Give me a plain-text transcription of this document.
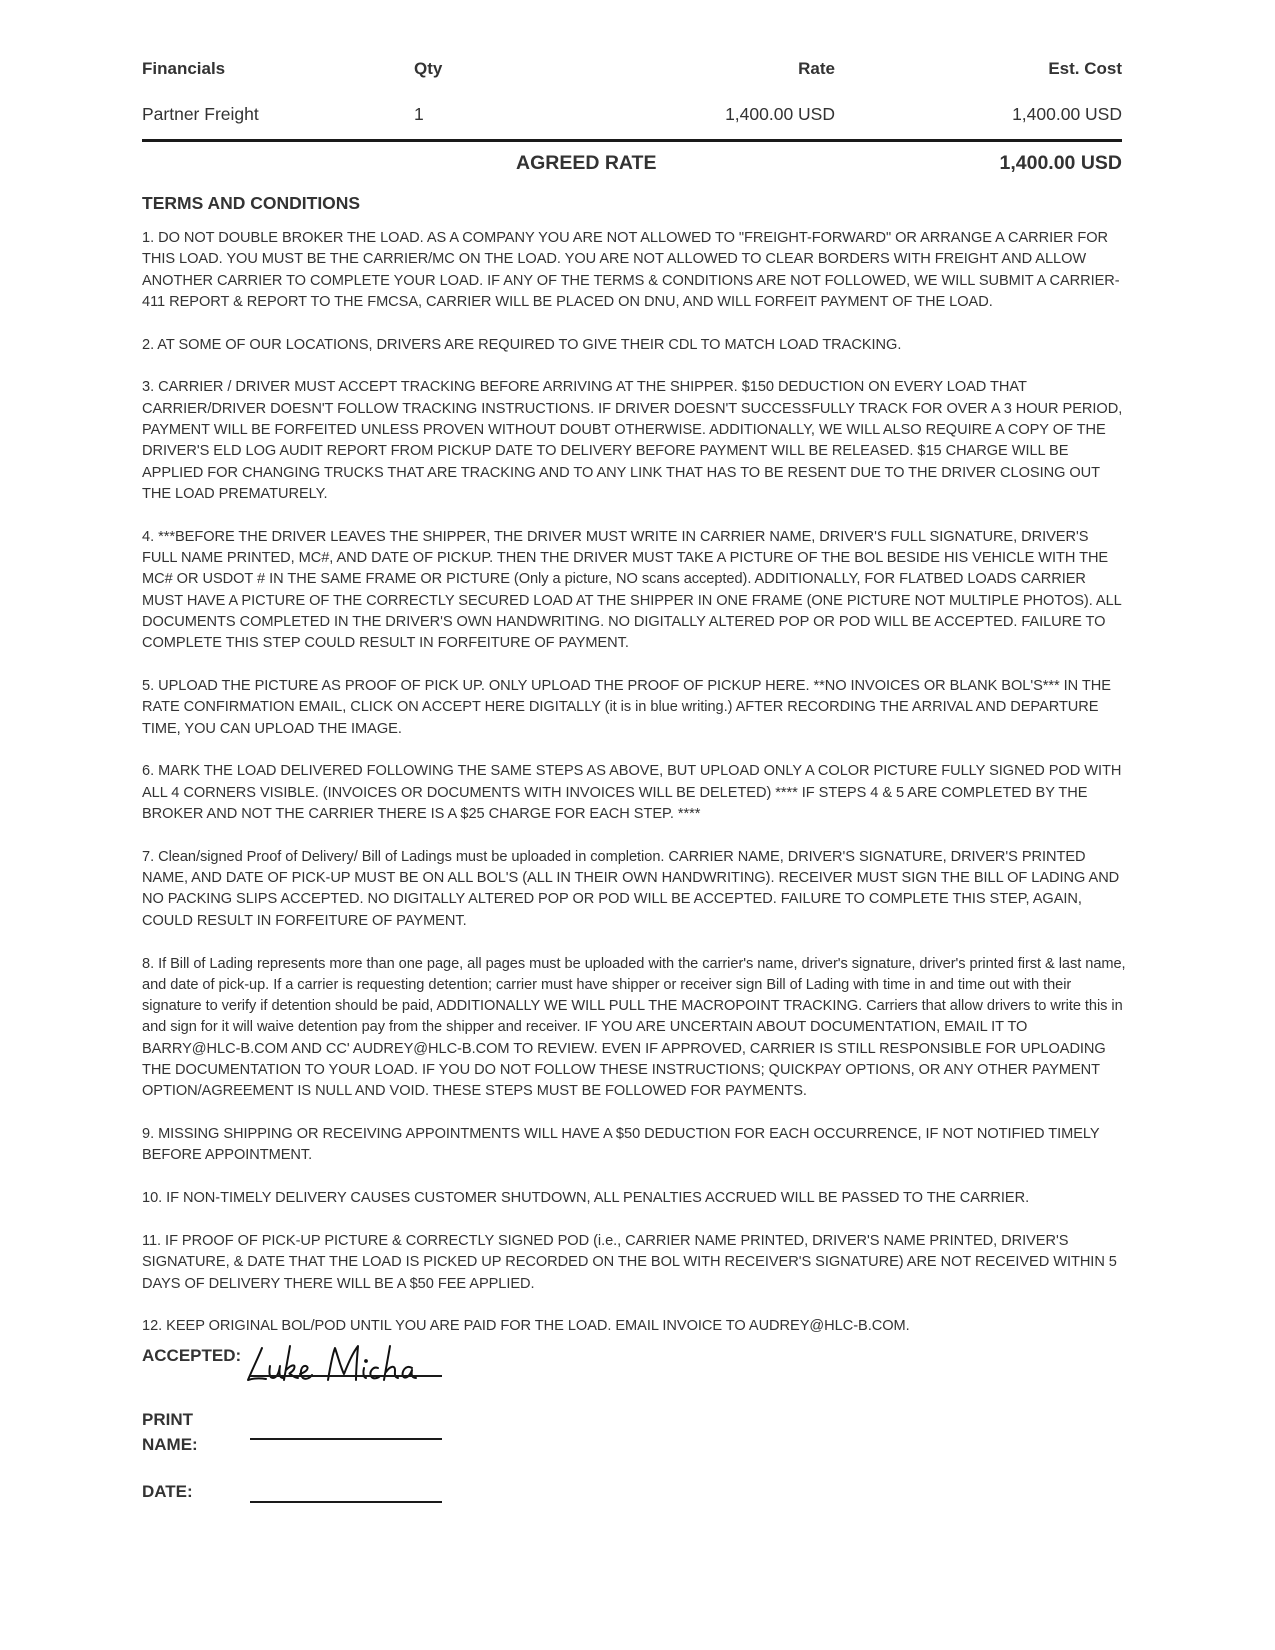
Financials	Qty	Rate	Est. Cost
Partner Freight	1	1,400.00 USD	1,400.00 USD
AGREED RATE	1,400.00 USD
TERMS AND CONDITIONS

1. DO NOT DOUBLE BROKER THE LOAD. AS A COMPANY YOU ARE NOT ALLOWED TO "FREIGHT-FORWARD" OR ARRANGE A CARRIER FOR THIS LOAD. YOU MUST BE THE CARRIER/MC ON THE LOAD. YOU ARE NOT ALLOWED TO CLEAR BORDERS WITH FREIGHT AND ALLOW ANOTHER CARRIER TO COMPLETE YOUR LOAD. IF ANY OF THE TERMS & CONDITIONS ARE NOT FOLLOWED, WE WILL SUBMIT A CARRIER-411 REPORT & REPORT TO THE FMCSA, CARRIER WILL BE PLACED ON DNU, AND WILL FORFEIT PAYMENT OF THE LOAD.

2. AT SOME OF OUR LOCATIONS, DRIVERS ARE REQUIRED TO GIVE THEIR CDL TO MATCH LOAD TRACKING.

3. CARRIER / DRIVER MUST ACCEPT TRACKING BEFORE ARRIVING AT THE SHIPPER. $150 DEDUCTION ON EVERY LOAD THAT CARRIER/DRIVER DOESN'T FOLLOW TRACKING INSTRUCTIONS. IF DRIVER DOESN'T SUCCESSFULLY TRACK FOR OVER A 3 HOUR PERIOD, PAYMENT WILL BE FORFEITED UNLESS PROVEN WITHOUT DOUBT OTHERWISE. ADDITIONALLY, WE WILL ALSO REQUIRE A COPY OF THE DRIVER'S ELD LOG AUDIT REPORT FROM PICKUP DATE TO DELIVERY BEFORE PAYMENT WILL BE RELEASED. $15 CHARGE WILL BE APPLIED FOR CHANGING TRUCKS THAT ARE TRACKING AND TO ANY LINK THAT HAS TO BE RESENT DUE TO THE DRIVER CLOSING OUT THE LOAD PREMATURELY.

4. ***BEFORE THE DRIVER LEAVES THE SHIPPER, THE DRIVER MUST WRITE IN CARRIER NAME, DRIVER'S FULL SIGNATURE, DRIVER'S FULL NAME PRINTED, MC#, AND DATE OF PICKUP. THEN THE DRIVER MUST TAKE A PICTURE OF THE BOL BESIDE HIS VEHICLE WITH THE MC# OR USDOT # IN THE SAME FRAME OR PICTURE (Only a picture, NO scans accepted). ADDITIONALLY, FOR FLATBED LOADS CARRIER MUST HAVE A PICTURE OF THE CORRECTLY SECURED LOAD AT THE SHIPPER IN ONE FRAME (ONE PICTURE NOT MULTIPLE PHOTOS). ALL DOCUMENTS COMPLETED IN THE DRIVER'S OWN HANDWRITING. NO DIGITALLY ALTERED POP OR POD WILL BE ACCEPTED. FAILURE TO COMPLETE THIS STEP COULD RESULT IN FORFEITURE OF PAYMENT.

5. UPLOAD THE PICTURE AS PROOF OF PICK UP. ONLY UPLOAD THE PROOF OF PICKUP HERE. **NO INVOICES OR BLANK BOL'S*** IN THE RATE CONFIRMATION EMAIL, CLICK ON ACCEPT HERE DIGITALLY (it is in blue writing.) AFTER RECORDING THE ARRIVAL AND DEPARTURE TIME, YOU CAN UPLOAD THE IMAGE.

6. MARK THE LOAD DELIVERED FOLLOWING THE SAME STEPS AS ABOVE, BUT UPLOAD ONLY A COLOR PICTURE FULLY SIGNED POD WITH ALL 4 CORNERS VISIBLE. (INVOICES OR DOCUMENTS WITH INVOICES WILL BE DELETED) **** IF STEPS 4 & 5 ARE COMPLETED BY THE BROKER AND NOT THE CARRIER THERE IS A $25 CHARGE FOR EACH STEP. ****

7. Clean/signed Proof of Delivery/ Bill of Ladings must be uploaded in completion. CARRIER NAME, DRIVER'S SIGNATURE, DRIVER'S PRINTED NAME, AND DATE OF PICK-UP MUST BE ON ALL BOL'S (ALL IN THEIR OWN HANDWRITING). RECEIVER MUST SIGN THE BILL OF LADING AND NO PACKING SLIPS ACCEPTED. NO DIGITALLY ALTERED POP OR POD WILL BE ACCEPTED. FAILURE TO COMPLETE THIS STEP, AGAIN, COULD RESULT IN FORFEITURE OF PAYMENT.

8. If Bill of Lading represents more than one page, all pages must be uploaded with the carrier's name, driver's signature, driver's printed first & last name, and date of pick-up. If a carrier is requesting detention; carrier must have shipper or receiver sign Bill of Lading with time in and time out with their signature to verify if detention should be paid, ADDITIONALLY WE WILL PULL THE MACROPOINT TRACKING. Carriers that allow drivers to write this in and sign for it will waive detention pay from the shipper and receiver. IF YOU ARE UNCERTAIN ABOUT DOCUMENTATION, EMAIL IT TO BARRY@HLC-B.COM AND CC' AUDREY@HLC-B.COM TO REVIEW. EVEN IF APPROVED, CARRIER IS STILL RESPONSIBLE FOR UPLOADING THE DOCUMENTATION TO YOUR LOAD. IF YOU DO NOT FOLLOW THESE INSTRUCTIONS; QUICKPAY OPTIONS, OR ANY OTHER PAYMENT OPTION/AGREEMENT IS NULL AND VOID. THESE STEPS MUST BE FOLLOWED FOR PAYMENTS.

9. MISSING SHIPPING OR RECEIVING APPOINTMENTS WILL HAVE A $50 DEDUCTION FOR EACH OCCURRENCE, IF NOT NOTIFIED TIMELY BEFORE APPOINTMENT.

10. IF NON-TIMELY DELIVERY CAUSES CUSTOMER SHUTDOWN, ALL PENALTIES ACCRUED WILL BE PASSED TO THE CARRIER.

11. IF PROOF OF PICK-UP PICTURE & CORRECTLY SIGNED POD (i.e., CARRIER NAME PRINTED, DRIVER'S NAME PRINTED, DRIVER'S SIGNATURE, & DATE THAT THE LOAD IS PICKED UP RECORDED ON THE BOL WITH RECEIVER'S SIGNATURE) ARE NOT RECEIVED WITHIN 5 DAYS OF DELIVERY THERE WILL BE A $50 FEE APPLIED.

12. KEEP ORIGINAL BOL/POD UNTIL YOU ARE PAID FOR THE LOAD. EMAIL INVOICE TO AUDREY@HLC-B.COM.

ACCEPTED:
PRINT
NAME:
DATE:
